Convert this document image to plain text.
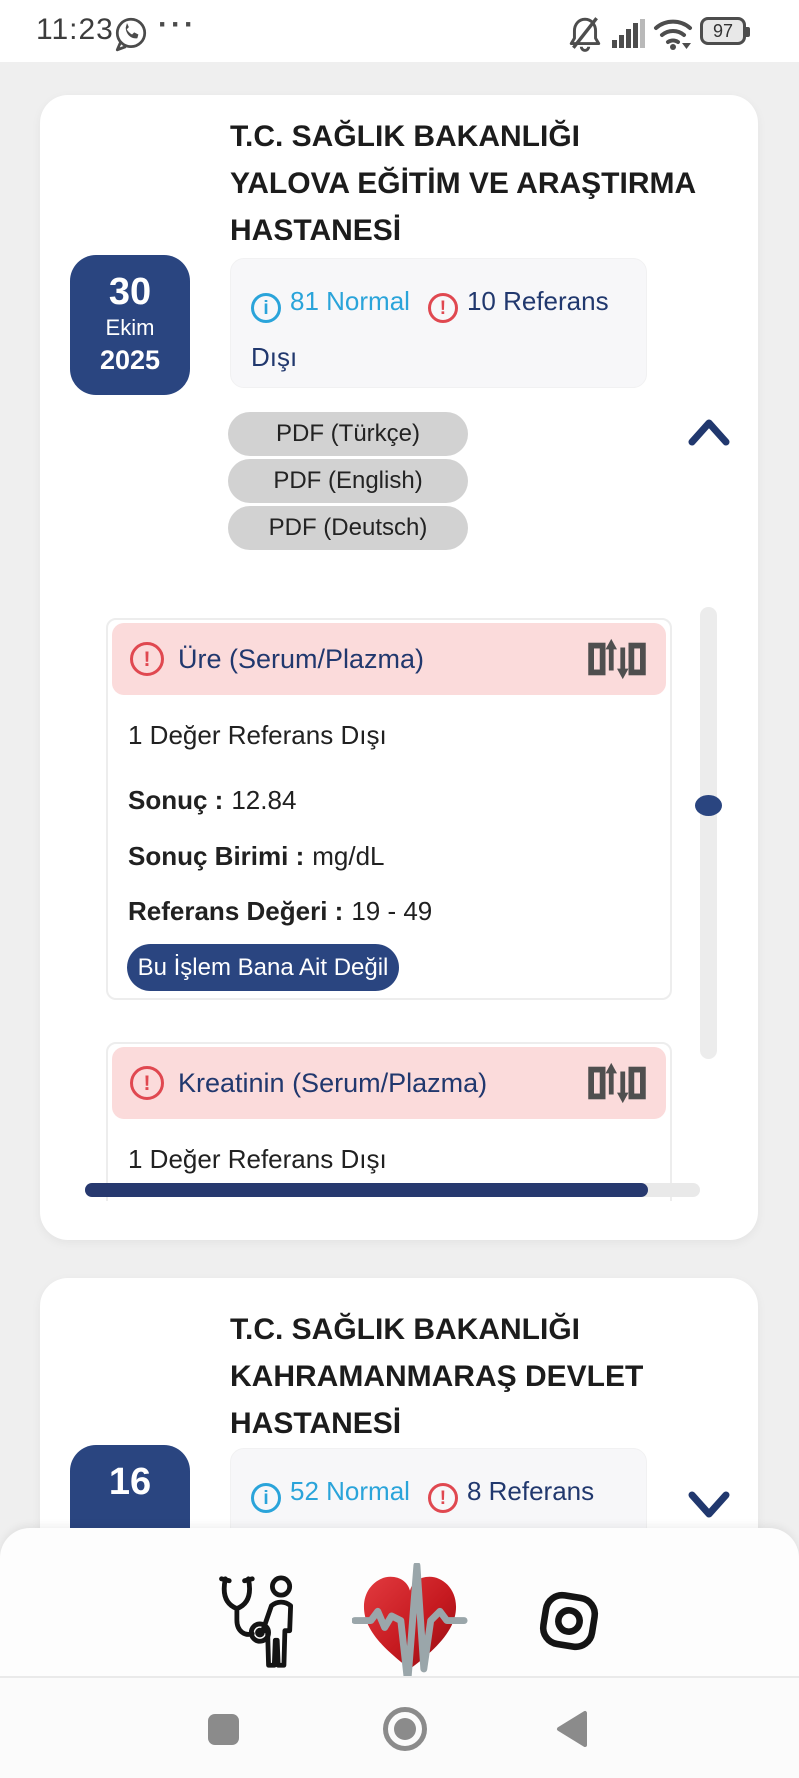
11:23 ···	97
T.C. SAĞLIK BAKANLIĞI YALOVA EĞİTİM VE ARAŞTIRMA HASTANESİ
30
Ekim
2025
i 81 Normal ! 10 Referans Dışı
PDF (Türkçe)
PDF (English)
PDF (Deutsch)
!	Üre (Serum/Plazma)
1 Değer Referans Dışı
Sonuç : 12.84
Sonuç Birimi : mg/dL
Referans Değeri : 19 - 49
Bu İşlem Bana Ait Değil
!	Kreatinin (Serum/Plazma)
1 Değer Referans Dışı
T.C. SAĞLIK BAKANLIĞI KAHRAMANMARAŞ DEVLET HASTANESİ
16	i 52 Normal ! 8 Referans
